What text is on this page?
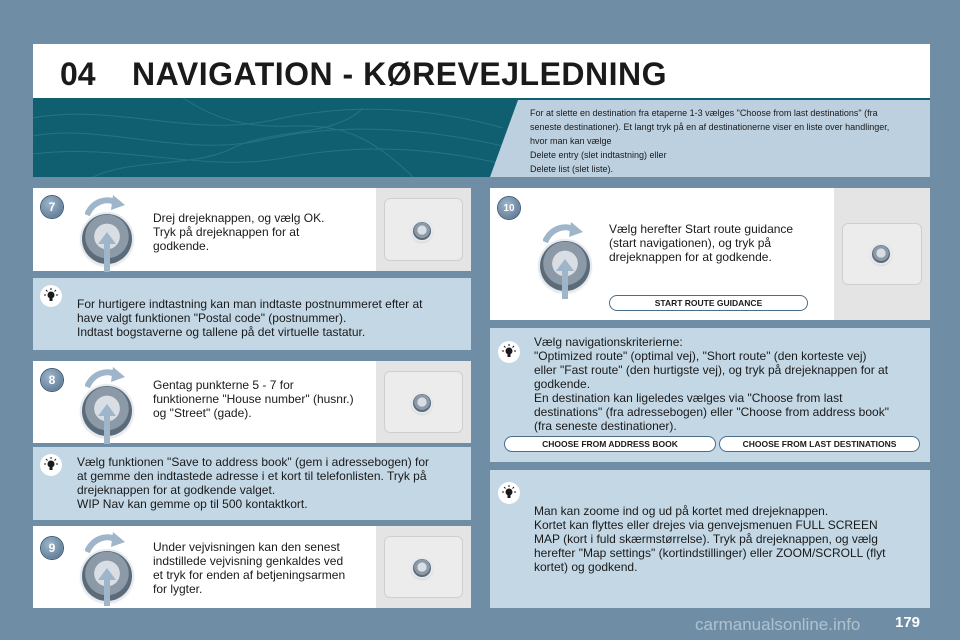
04 NAVIGATION - KØREVEJLEDNING
For at slette en destination fra etaperne 1-3 vælges "Choose from last destinations" (fra
seneste destinationer). Et langt tryk på en af destinationerne viser en liste over handlinger,
hvor man kan vælge
Delete entry (slet indtastning) eller
Delete list (slet liste).
7
Drej drejeknappen, og vælg OK.
Tryk på drejeknappen for at
godkende.
For hurtigere indtastning kan man indtaste postnummeret efter at
have valgt funktionen "Postal code" (postnummer).
Indtast bogstaverne og tallene på det virtuelle tastatur.
8	Gentag punkterne 5 - 7 for
funktionerne "House number" (husnr.)
og "Street" (gade).
Vælg funktionen "Save to address book" (gem i adressebogen) for
at gemme den indtastede adresse i et kort til telefonlisten. Tryk på
drejeknappen for at godkende valget.
WIP Nav kan gemme op til 500 kontaktkort.
9	Under vejvisningen kan den senest
indstillede vejvisning genkaldes ved
et tryk for enden af betjeningsarmen
for lygter.
10
Vælg herefter Start route guidance
(start navigationen), og tryk på
drejeknappen for at godkende.
START ROUTE GUIDANCE
Vælg navigationskriterierne:
"Optimized route" (optimal vej), "Short route" (den korteste vej)
eller "Fast route" (den hurtigste vej), og tryk på drejeknappen for at
godkende.
En destination kan ligeledes vælges via "Choose from last
destinations" (fra adressebogen) eller "Choose from address book"
(fra seneste destinationer).
CHOOSE FROM ADDRESS BOOK	CHOOSE FROM LAST DESTINATIONS
Man kan zoome ind og ud på kortet med drejeknappen.
Kortet kan flyttes eller drejes via genvejsmenuen FULL SCREEN
MAP (kort i fuld skærmstørrelse). Tryk på drejeknappen, og vælg
herefter "Map settings" (kortindstillinger) eller ZOOM/SCROLL (flyt
kortet) og godkend.
carmanualsonline.info 179
